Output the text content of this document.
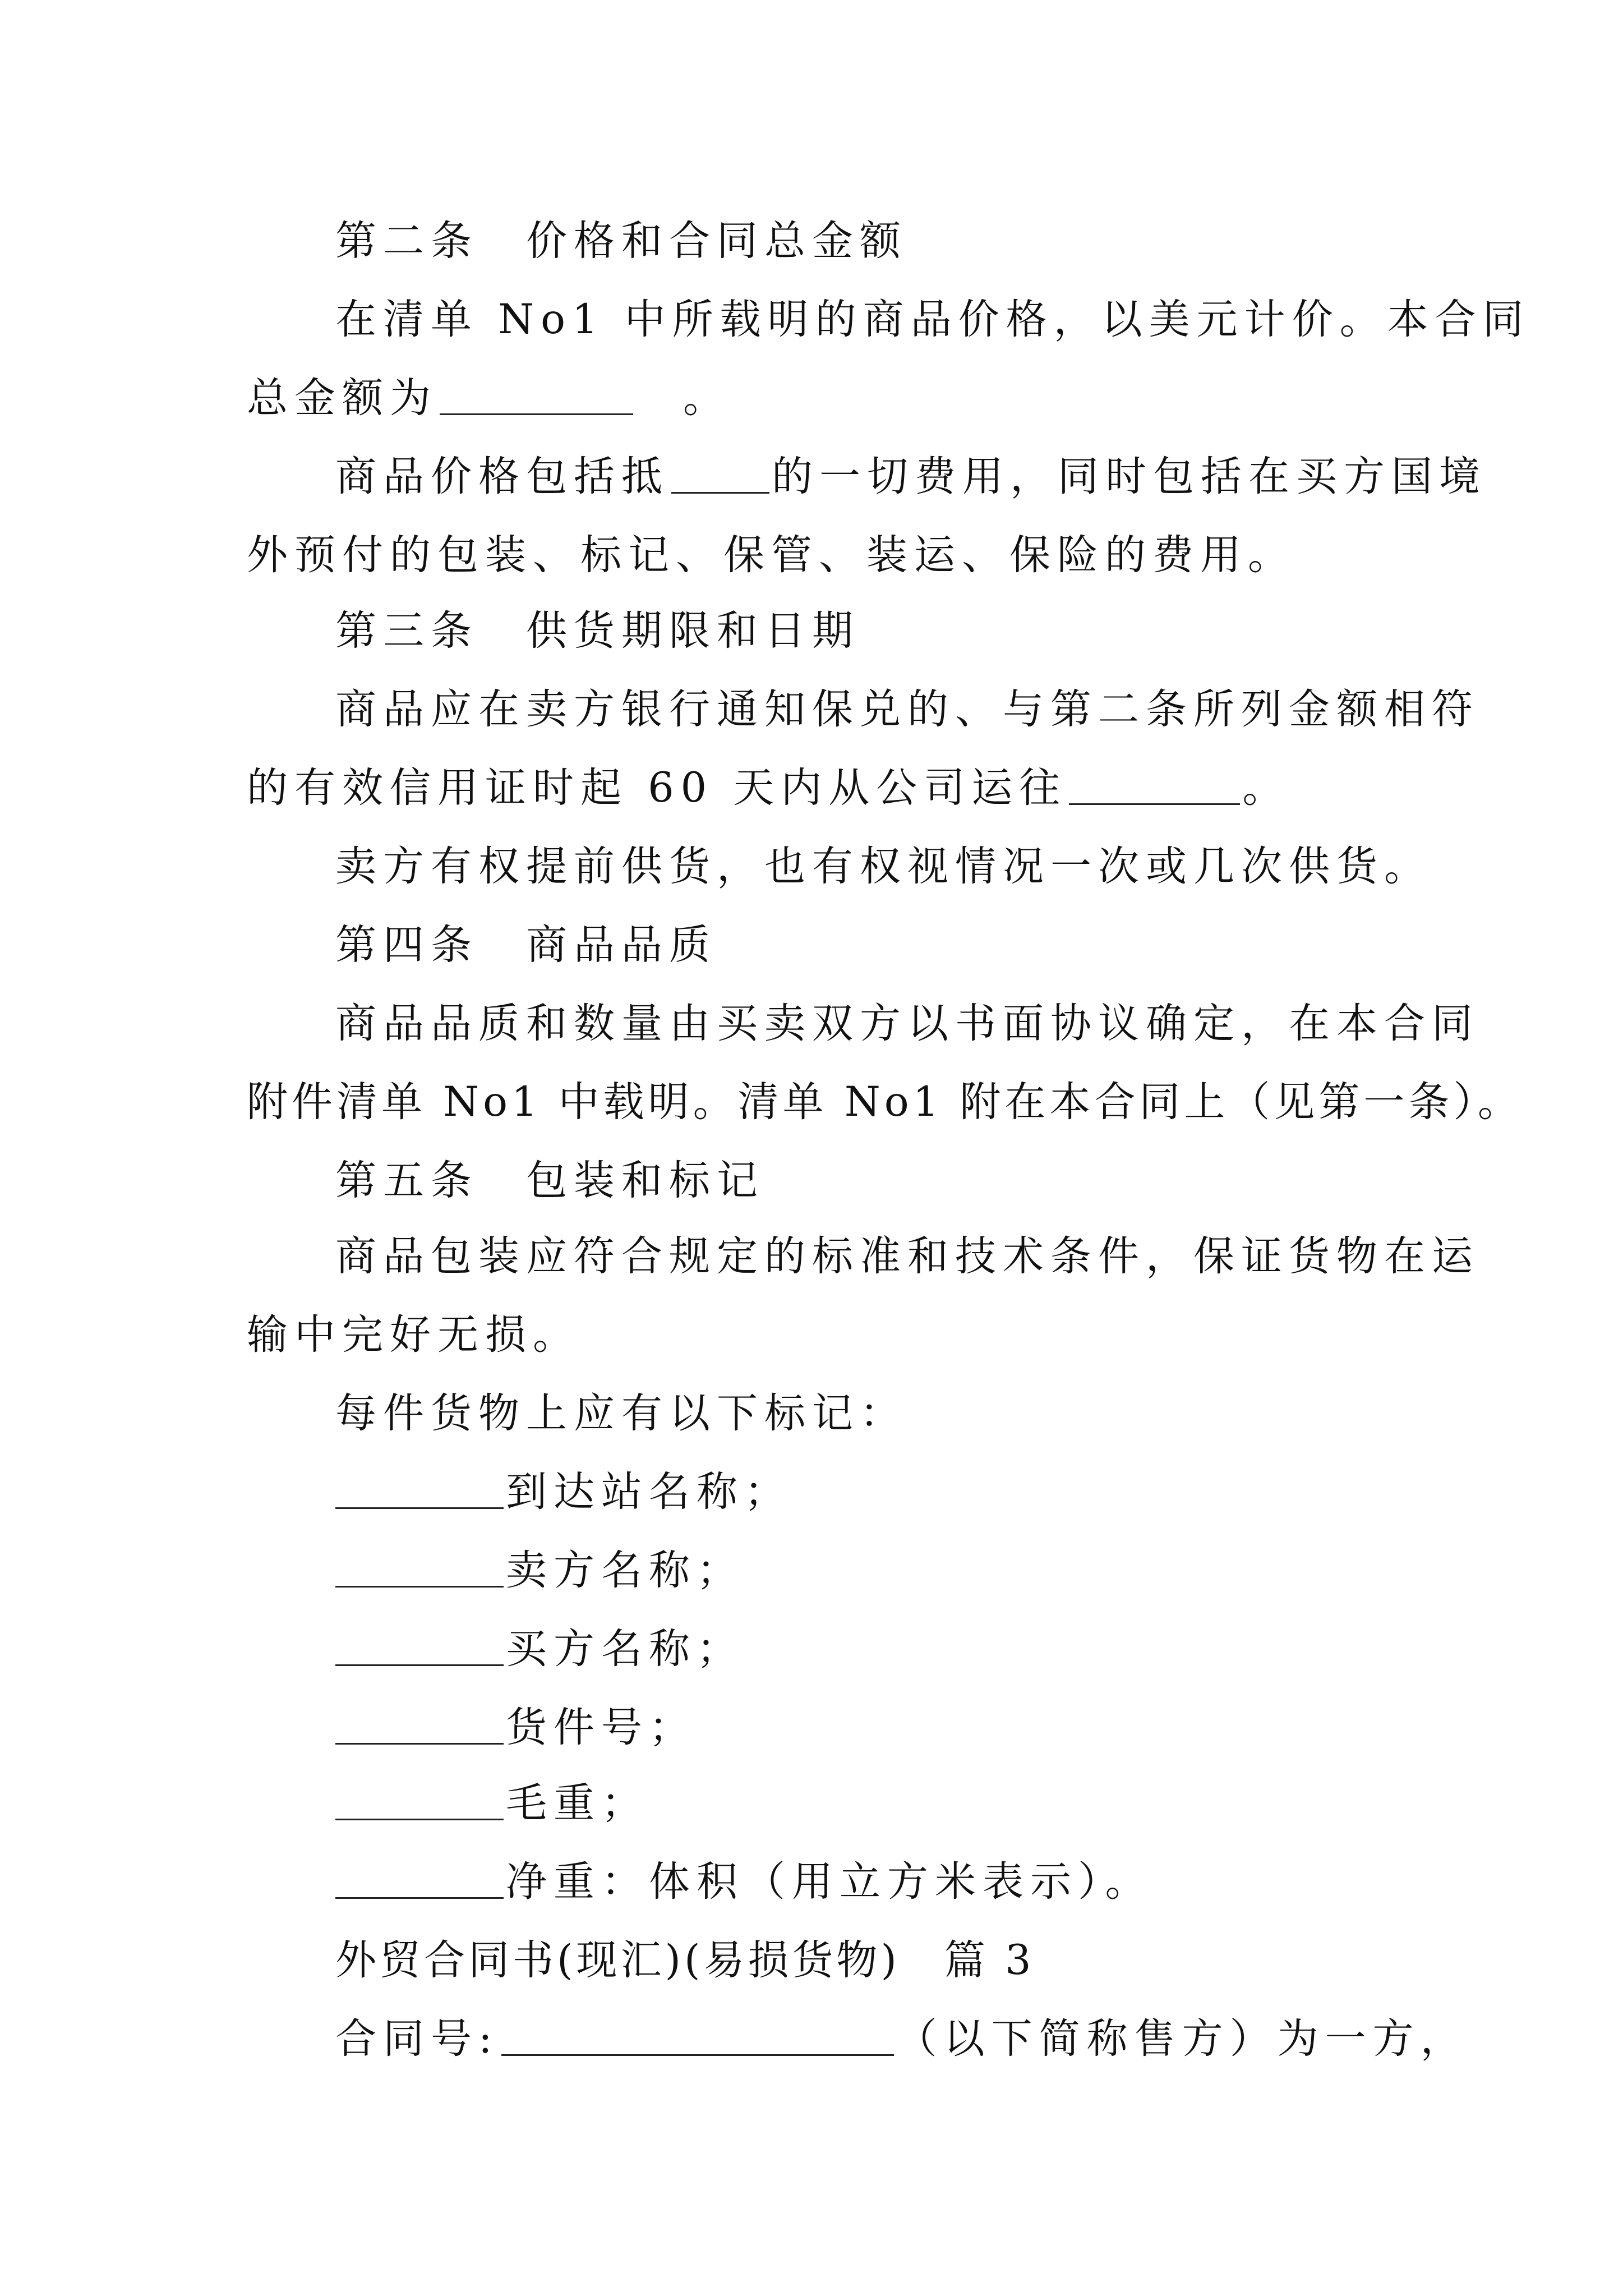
第二条　价格和合同总金额

在清单 No1 中所载明的商品价格，以美元计价。本合同

总金额为	　。

商品价格包括抵	的一切费用，同时包括在买方国境

外预付的包装、标记、保管、装运、保险的费用。

第三条　供货期限和日期

商品应在卖方银行通知保兑的、与第二条所列金额相符

的有效信用证时起 60 天内从公司运往	。

卖方有权提前供货，也有权视情况一次或几次供货。

第四条　商品品质

商品品质和数量由买卖双方以书面协议确定，在本合同

附件清单 No1 中载明。清单 No1 附在本合同上（见第一条）。

第五条　包装和标记

商品包装应符合规定的标准和技术条件，保证货物在运

输中完好无损。

每件货物上应有以下标记：

到达站名称；

卖方名称；

买方名称；

货件号；

毛重；

净重：体积（用立方米表示）。

外贸合同书(现汇)(易损货物)　篇 3

合同号:	（以下简称售方）为一方，
